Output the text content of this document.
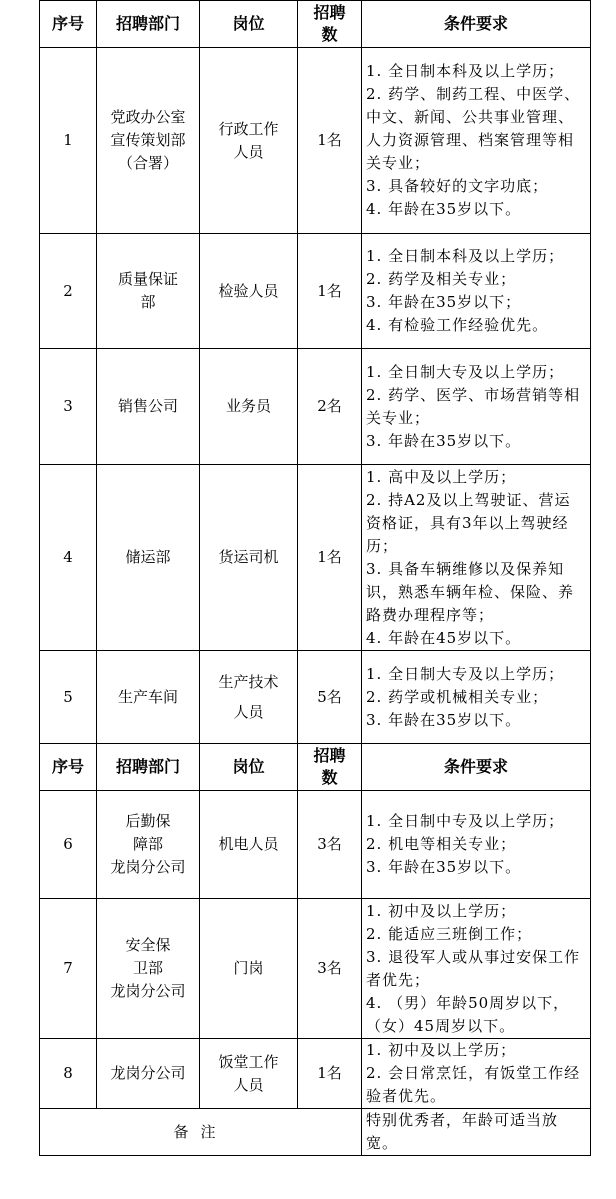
序号	招聘部门	岗位	招聘数	条件要求
1	党政办公室
宣传策划部
（合署）	行政工作人员	1名	1. 全日制本科及以上学历；
2. 药学、制药工程、中医学、中文、新闻、公共事业管理、人力资源管理、档案管理等相关专业；
3. 具备较好的文字功底；
4. 年龄在35岁以下。

2	质量保证部	检验人员	1名	1. 全日制本科及以上学历；
2. 药学及相关专业；
3. 年龄在35岁以下；
4. 有检验工作经验优先。

3	销售公司	业务员	2名	1. 全日制大专及以上学历；
2. 药学、医学、市场营销等相关专业；
3. 年龄在35岁以下。

4	储运部	货运司机	1名	1. 高中及以上学历；
2. 持A2及以上驾驶证、营运资格证，具有3年以上驾驶经历；
3. 具备车辆维修以及保养知识，熟悉车辆年检、保险、养路费办理程序等；
4. 年龄在45岁以下。

5	生产车间	生产技术人员	5名	1. 全日制大专及以上学历；
2. 药学或机械相关专业；
3. 年龄在35岁以下。

序号	招聘部门	岗位	招聘数	条件要求
6	后勤保障部
龙岗分公司	机电人员	3名	1. 全日制中专及以上学历；
2. 机电等相关专业；
3. 年龄在35岁以下。

7	安全保卫部
龙岗分公司	门岗	3名	1. 初中及以上学历；
2. 能适应三班倒工作；
3. 退役军人或从事过安保工作者优先；
4. （男）年龄50周岁以下，（女）45周岁以下。

8	龙岗分公司	饭堂工作人员	1名	1. 初中及以上学历；
2. 会日常烹饪，有饭堂工作经验者优先。

备注				特别优秀者，年龄可适当放宽。
